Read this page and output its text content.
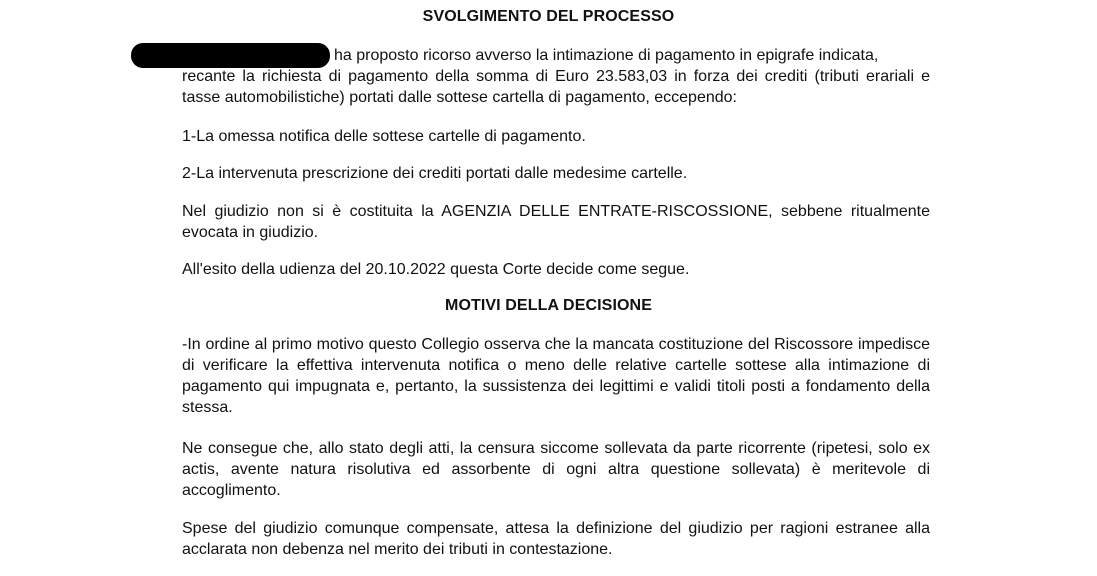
SVOLGIMENTO DEL PROCESSO

ha proposto ricorso avverso la intimazione di pagamento in epigrafe indicata,

recante la richiesta di pagamento della somma di Euro 23.583,03 in forza dei crediti (tributi erariali e tasse automobilistiche) portati dalle sottese cartella di pagamento, eccependo:

1-La omessa notifica delle sottese cartelle di pagamento.

2-La intervenuta prescrizione dei crediti portati dalle medesime cartelle.

Nel giudizio non si è costituita la AGENZIA DELLE ENTRATE-RISCOSSIONE, sebbene ritualmente evocata in giudizio.

All'esito della udienza del 20.10.2022 questa Corte decide come segue.

MOTIVI DELLA DECISIONE

-In ordine al primo motivo questo Collegio osserva che la mancata costituzione del Riscossore impedisce di verificare la effettiva intervenuta notifica o meno delle relative cartelle sottese alla intimazione di pagamento qui impugnata e, pertanto, la sussistenza dei legittimi e validi titoli posti a fondamento della stessa.

Ne consegue che, allo stato degli atti, la censura siccome sollevata da parte ricorrente (ripetesi, solo ex actis, avente natura risolutiva ed assorbente di ogni altra questione sollevata) è meritevole di accoglimento.

Spese del giudizio comunque compensate, attesa la definizione del giudizio per ragioni estranee alla acclarata non debenza nel merito dei tributi in contestazione.
